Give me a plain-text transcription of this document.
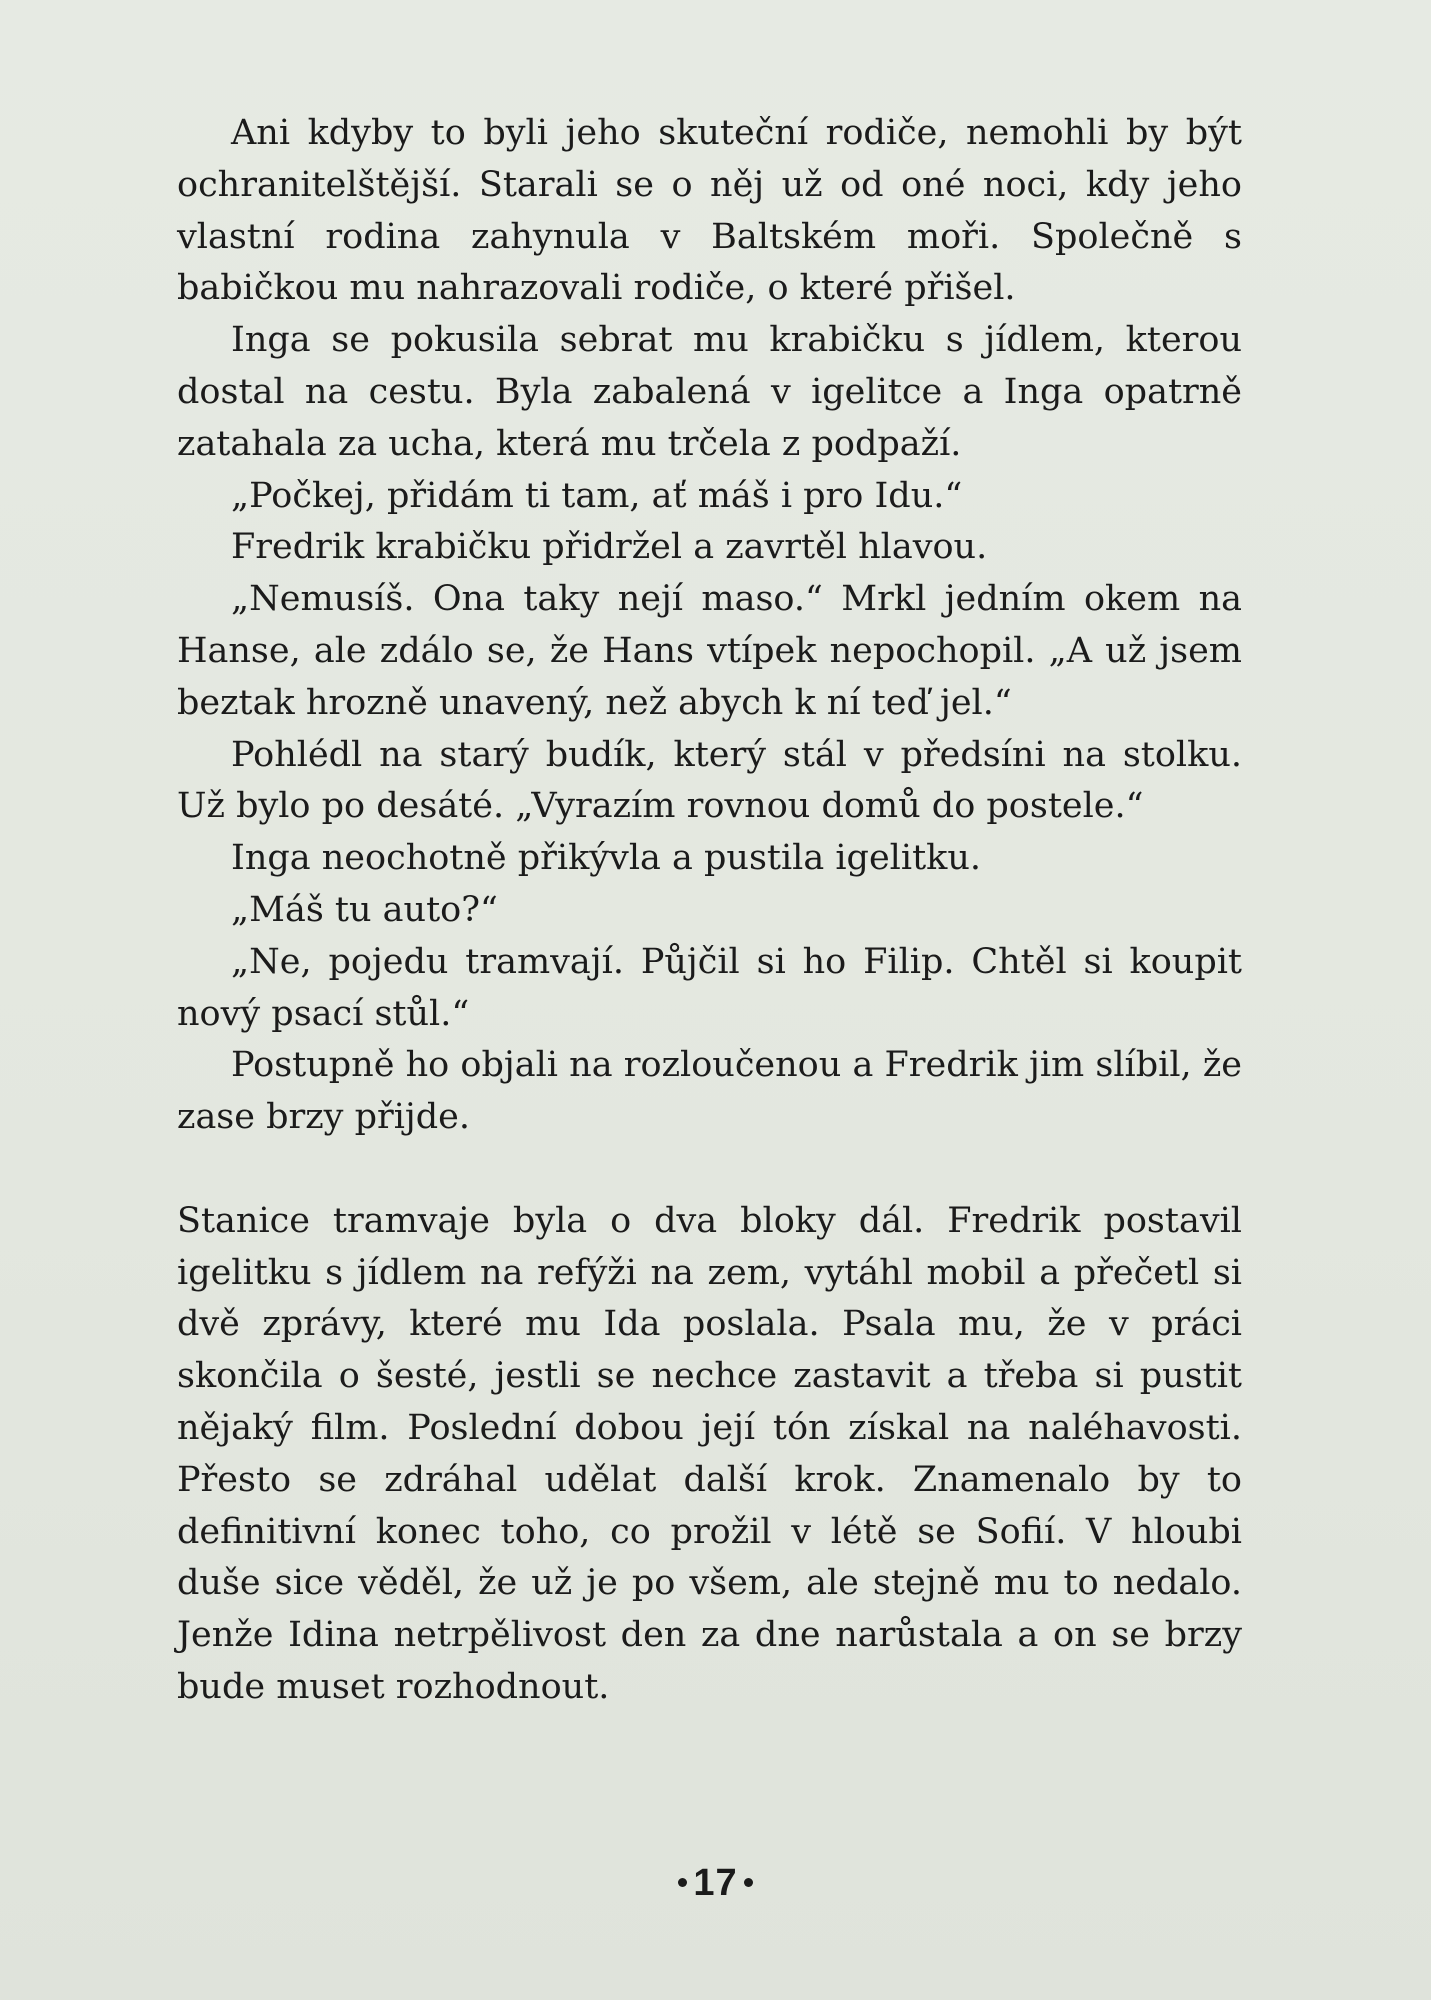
Ani kdyby to byli jeho skuteční rodiče, nemohli by být ochranitelštější. Starali se o něj už od oné noci, kdy jeho vlastní rodina zahynula v Baltském moři. Společně s babičkou mu nahrazovali rodiče, o které přišel.

Inga se pokusila sebrat mu krabičku s jídlem, kterou dostal na cestu. Byla zabalená v igelitce a Inga opatrně zatahala za ucha, která mu trčela z podpaží.

„Počkej, přidám ti tam, ať máš i pro Idu.“

Fredrik krabičku přidržel a zavrtěl hlavou.

„Nemusíš. Ona taky nejí maso.“ Mrkl jedním okem na Hanse, ale zdálo se, že Hans vtípek nepochopil. „A už jsem beztak hrozně unavený, než abych k ní teď jel.“

Pohlédl na starý budík, který stál v předsíni na stolku. Už bylo po desáté. „Vyrazím rovnou domů do postele.“

Inga neochotně přikývla a pustila igelitku.

„Máš tu auto?“

„Ne, pojedu tramvají. Půjčil si ho Filip. Chtěl si koupit nový psací stůl.“

Postupně ho objali na rozloučenou a Fredrik jim slíbil, že zase brzy přijde.

Stanice tramvaje byla o dva bloky dál. Fredrik postavil igelitku s jídlem na refýži na zem, vytáhl mobil a přečetl si dvě zprávy, které mu Ida poslala. Psala mu, že v práci skončila o šesté, jestli se nechce zastavit a třeba si pustit nějaký film. Poslední dobou její tón získal na naléhavosti. Přesto se zdráhal udělat další krok. Znamenalo by to definitivní konec toho, co prožil v létě se Sofií. V hloubi duše sice věděl, že už je po všem, ale stejně mu to nedalo. Jenže Idina netrpělivost den za dne narůstala a on se brzy bude muset rozhodnout.

17
